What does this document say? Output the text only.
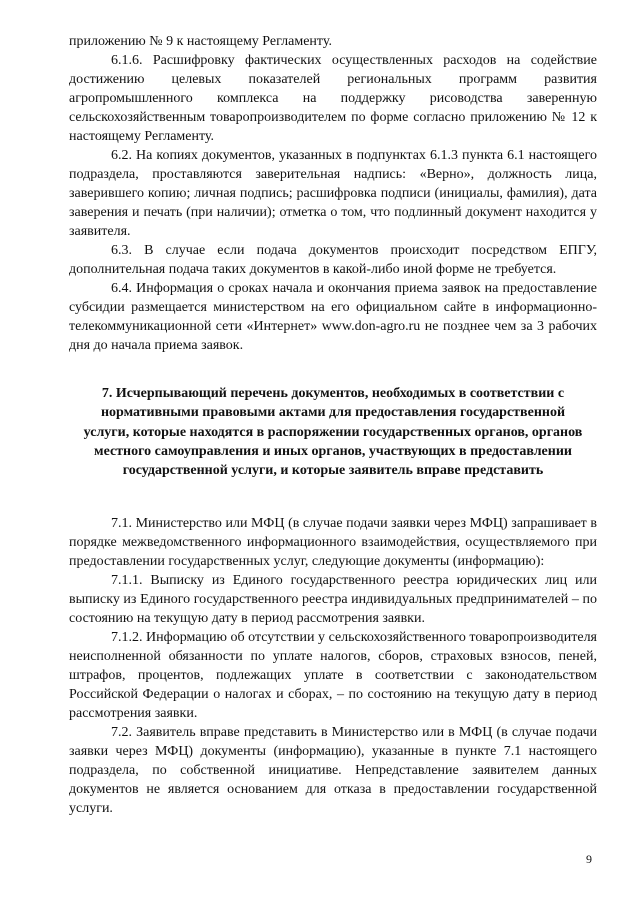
приложению № 9 к настоящему Регламенту.

6.1.6. Расшифровку фактических осуществленных расходов на содействие достижению целевых показателей региональных программ развития агропромышленного комплекса на поддержку рисоводства заверенную сельскохозяйственным товаропроизводителем по форме согласно приложению № 12 к настоящему Регламенту.

6.2. На копиях документов, указанных в подпунктах 6.1.3 пункта 6.1 настоящего подраздела, проставляются заверительная надпись: «Верно», должность лица, заверившего копию; личная подпись; расшифровка подписи (инициалы, фамилия), дата заверения и печать (при наличии); отметка о том, что подлинный документ находится у заявителя.

6.3. В случае если подача документов происходит посредством ЕПГУ, дополнительная подача таких документов в какой-либо иной форме не требуется.

6.4. Информация о сроках начала и окончания приема заявок на предоставление субсидии размещается министерством на его официальном сайте в информационно-телекоммуникационной сети «Интернет» www.don-agro.ru не позднее чем за 3 рабочих дня до начала приема заявок.

7. Исчерпывающий перечень документов, необходимых в соответствии с нормативными правовыми актами для предоставления государственной услуги, которые находятся в распоряжении государственных органов, органов местного самоуправления и иных органов, участвующих в предоставлении государственной услуги, и которые заявитель вправе представить

7.1. Министерство или МФЦ (в случае подачи заявки через МФЦ) запрашивает в порядке межведомственного информационного взаимодействия, осуществляемого при предоставлении государственных услуг, следующие документы (информацию):

7.1.1. Выписку из Единого государственного реестра юридических лиц или выписку из Единого государственного реестра индивидуальных предпринимателей – по состоянию на текущую дату в период рассмотрения заявки.

7.1.2. Информацию об отсутствии у сельскохозяйственного товаропроизводителя неисполненной обязанности по уплате налогов, сборов, страховых взносов, пеней, штрафов, процентов, подлежащих уплате в соответствии с законодательством Российской Федерации о налогах и сборах, – по состоянию на текущую дату в период рассмотрения заявки.

7.2. Заявитель вправе представить в Министерство или в МФЦ (в случае подачи заявки через МФЦ) документы (информацию), указанные в пункте 7.1 настоящего подраздела, по собственной инициативе. Непредставление заявителем данных документов не является основанием для отказа в предоставлении государственной услуги.

9
